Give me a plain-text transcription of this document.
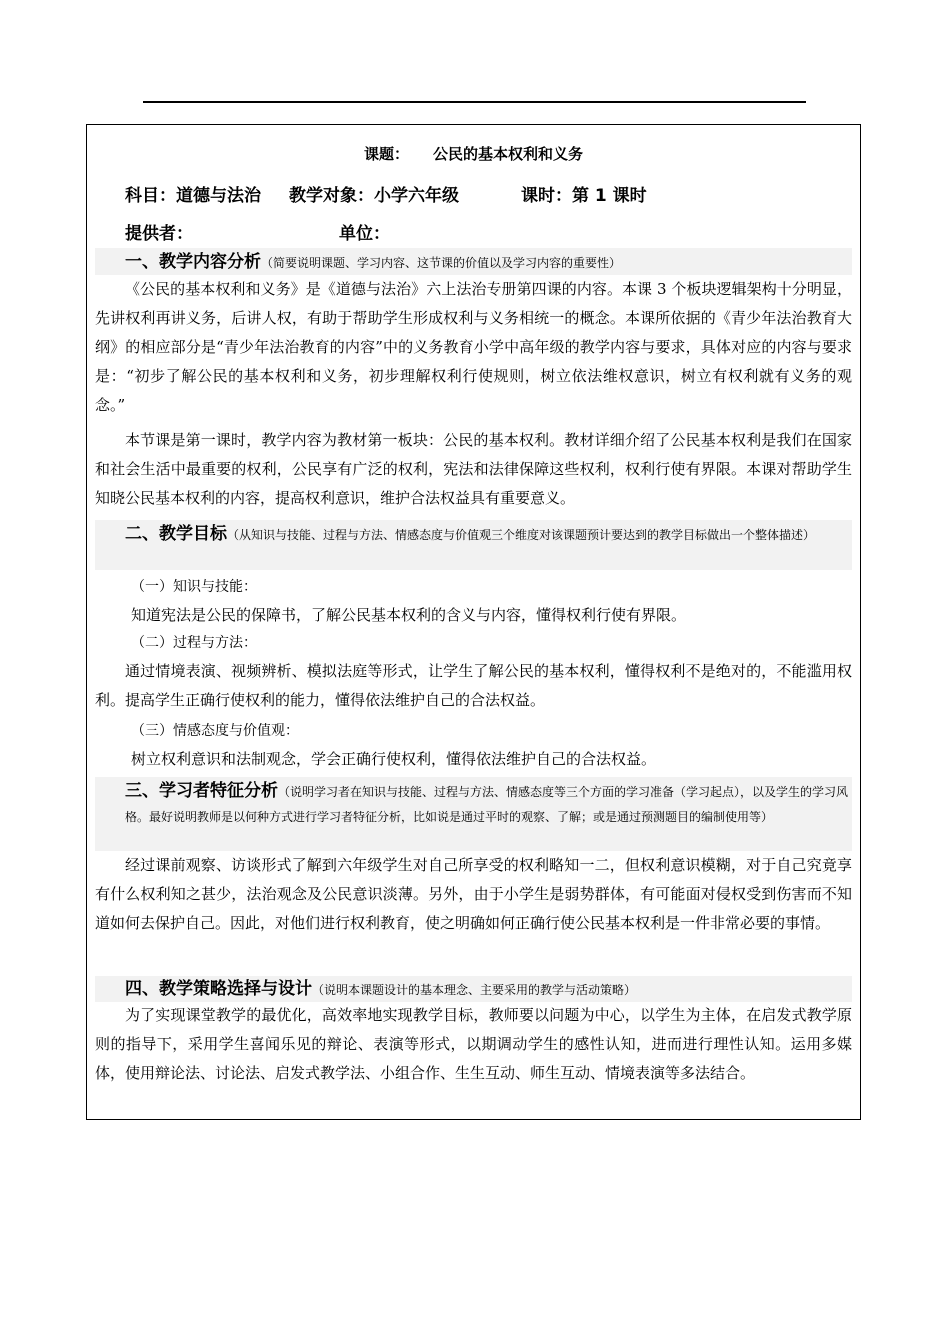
课题： 公民的基本权利和义务
科目：道德与法治 教学对象：小学六年级	课时：第 1 课时
提供者：	单位：
一、教学内容分析（简要说明课题、学习内容、这节课的价值以及学习内容的重要性）
《公民的基本权利和义务》是《道德与法治》六上法治专册第四课的内容。本课 3 个板块逻辑架构十分明显，先讲权利再讲义务，后讲人权，有助于帮助学生形成权利与义务相统一的概念。本课所依据的《青少年法治教育大纲》的相应部分是“青少年法治教育的内容”中的义务教育小学中高年级的教学内容与要求，具体对应的内容与要求是：“初步了解公民的基本权利和义务，初步理解权利行使规则，树立依法维权意识，树立有权利就有义务的观念。”
本节课是第一课时，教学内容为教材第一板块：公民的基本权利。教材详细介绍了公民基本权利是我们在国家和社会生活中最重要的权利，公民享有广泛的权利，宪法和法律保障这些权利，权利行使有界限。本课对帮助学生知晓公民基本权利的内容，提高权利意识，维护合法权益具有重要意义。
二、教学目标（从知识与技能、过程与方法、情感态度与价值观三个维度对该课题预计要达到的教学目标做出一个整体描述）
（一）知识与技能：
知道宪法是公民的保障书，了解公民基本权利的含义与内容，懂得权利行使有界限。
（二）过程与方法：
通过情境表演、视频辨析、模拟法庭等形式，让学生了解公民的基本权利，懂得权利不是绝对的，不能滥用权利。提高学生正确行使权利的能力，懂得依法维护自己的合法权益。
（三）情感态度与价值观：
树立权利意识和法制观念，学会正确行使权利，懂得依法维护自己的合法权益。
三、学习者特征分析（说明学习者在知识与技能、过程与方法、情感态度等三个方面的学习准备（学习起点），以及学生的学习风格。最好说明教师是以何种方式进行学习者特征分析，比如说是通过平时的观察、了解；或是通过预测题目的编制使用等）
经过课前观察、访谈形式了解到六年级学生对自己所享受的权利略知一二，但权利意识模糊，对于自己究竟享有什么权利知之甚少，法治观念及公民意识淡薄。另外，由于小学生是弱势群体，有可能面对侵权受到伤害而不知道如何去保护自己。因此，对他们进行权利教育，使之明确如何正确行使公民基本权利是一件非常必要的事情。
四、教学策略选择与设计（说明本课题设计的基本理念、主要采用的教学与活动策略）
为了实现课堂教学的最优化，高效率地实现教学目标，教师要以问题为中心，以学生为主体，在启发式教学原则的指导下，采用学生喜闻乐见的辩论、表演等形式，以期调动学生的感性认知，进而进行理性认知。运用多媒体，使用辩论法、讨论法、启发式教学法、小组合作、生生互动、师生互动、情境表演等多法结合。
